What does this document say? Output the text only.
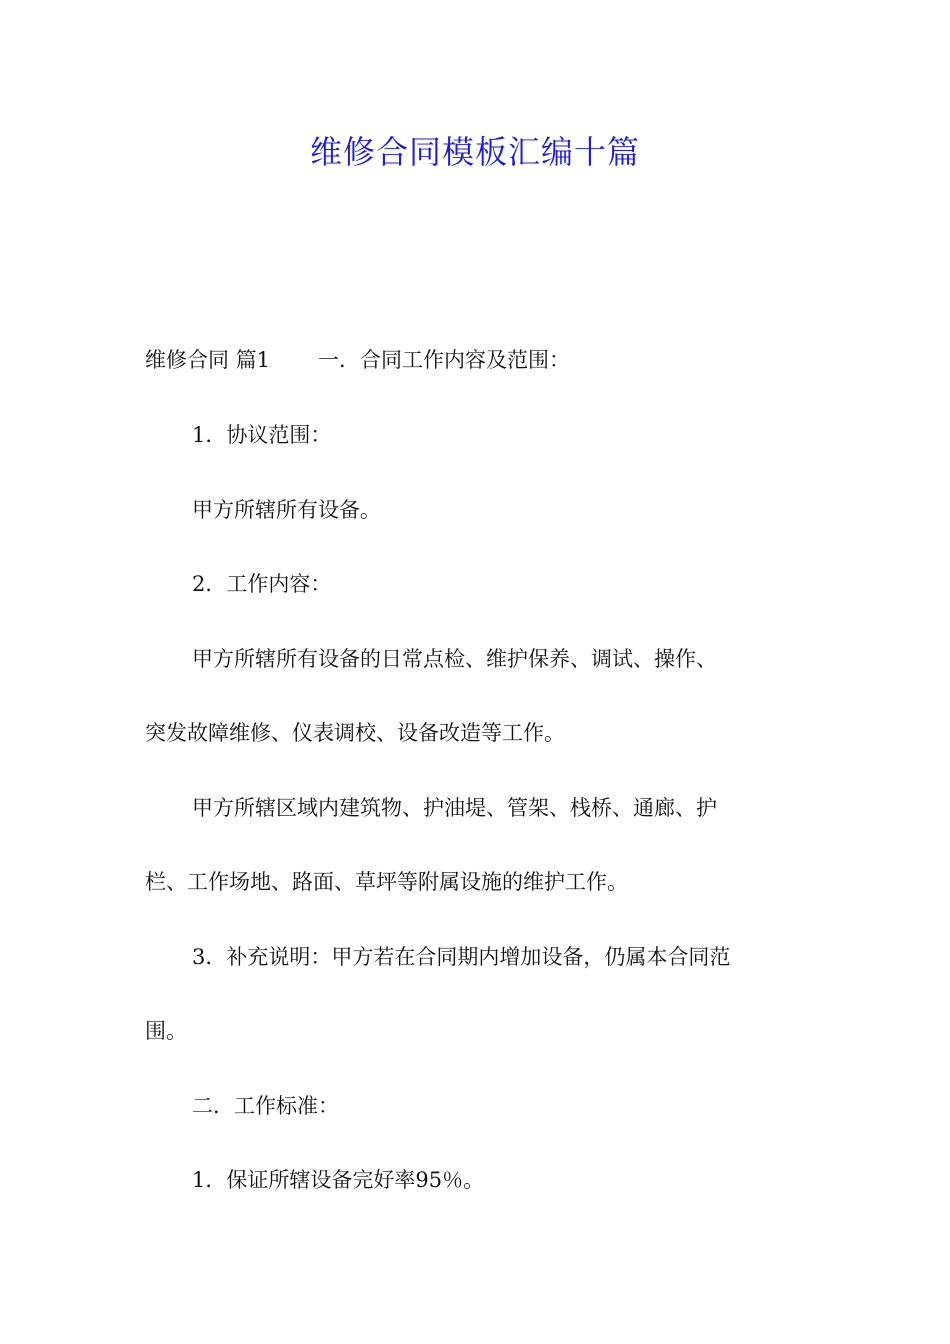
维修合同模板汇编十篇

维修合同 篇1 一．合同工作内容及范围：

1．协议范围：

甲方所辖所有设备。

2．工作内容：

甲方所辖所有设备的日常点检、维护保养、调试、操作、

突发故障维修、仪表调校、设备改造等工作。

甲方所辖区域内建筑物、护油堤、管架、栈桥、通廊、护

栏、工作场地、路面、草坪等附属设施的维护工作。

3．补充说明：甲方若在合同期内增加设备，仍属本合同范

围。

二．工作标准：

1．保证所辖设备完好率95％。
